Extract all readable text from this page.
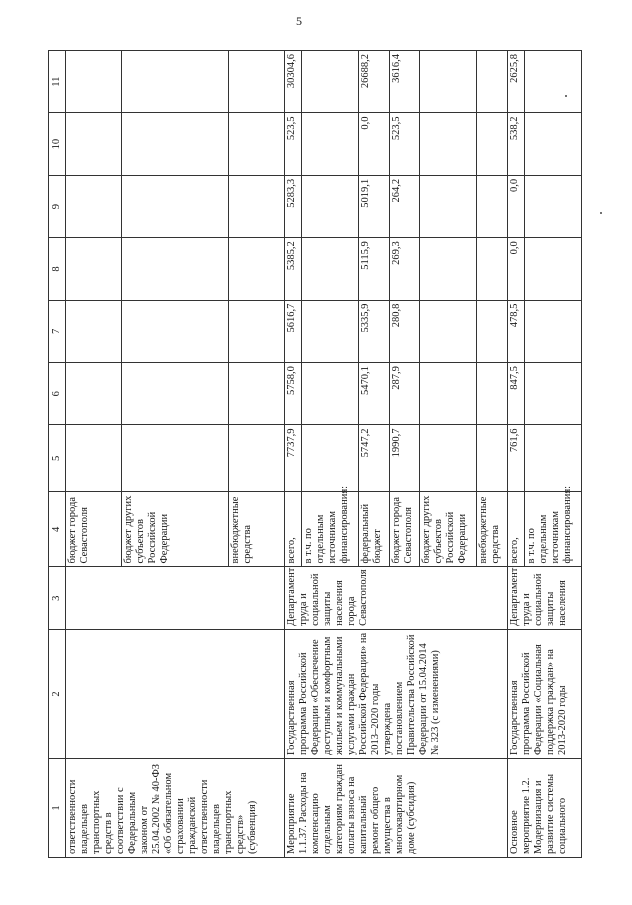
5
1	2	3	4	5	6	7	8	9	10	11
ответственности владельцев транспортных средств в соответствии с Федеральным законом от 25.04.2002 № 40-ФЗ «Об обязательном страховании гражданской ответственности владельцев транспортных средств» (субвенция)			бюджет города Севастополя							
			бюджет других субъектов Российской Федерации							
			внебюджетные средства							
Мероприятие 1.1.37. Расходы на компенсацию отдельным категориям граждан оплаты взноса на капитальный ремонт общего имущества в многоквартирном доме (субсидия)	Государственная программа Российской Федерации «Обеспечение доступным и комфортным жильем и коммунальными услугами граждан Российской Федерации» на 2013–2020 годы утверждена постановлением Правительства Российской Федерации от 15.04.2014 № 323 (с изменениями)	Департамент труда и социальной защиты населения города Севастополя	всего,	7737,9	5758,0	5616,7	5385,2	5283,3	523,5	30304,6
			в т.ч. по отдельным источникам финансирования:							
			федеральный бюджет	5747,2	5470,1	5335,9	5115,9	5019,1	0,0	26688,2
			бюджет города Севастополя	1990,7	287,9	280,8	269,3	264,2	523,5	3616,4
			бюджет других субъектов Российской Федерации							
			внебюджетные средства							
Основное мероприятие 1.2. Модернизация и развитие системы социального	Государственная программа Российской Федерации «Социальная поддержка граждан» на 2013-2020 годы	Департамент труда и социальной защиты населения	всего,	761,6	847,5	478,5	0,0	0,0	538,2	2625,8
			в т.ч. по отдельным источникам финансирования:							
